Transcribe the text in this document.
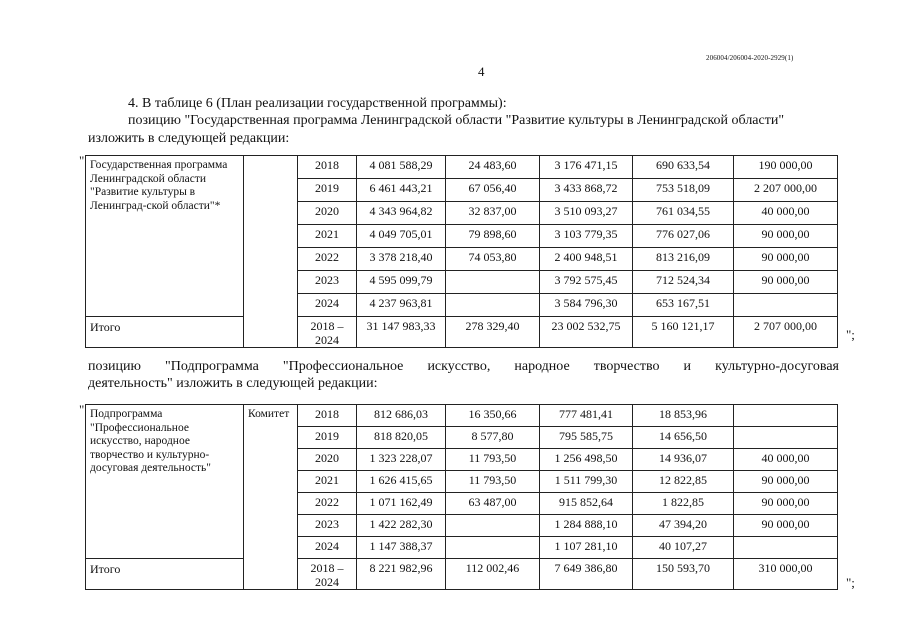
206004/206004-2020-2929(1)
4
4. В таблице 6 (План реализации государственной программы):
позицию "Государственная программа Ленинградской области "Развитие культуры в Ленинградской области"
изложить в следующей редакции:
" Государственная программа Ленинградской области "Развитие культуры в Ленинград-ской области"*		2018	4 081 588,29	24 483,60	3 176 471,15	690 633,54	190 000,00
		2019	6 461 443,21	67 056,40	3 433 868,72	753 518,09	2 207 000,00
		2020	4 343 964,82	32 837,00	3 510 093,27	761 034,55	40 000,00
		2021	4 049 705,01	79 898,60	3 103 779,35	776 027,06	90 000,00
		2022	3 378 218,40	74 053,80	2 400 948,51	813 216,09	90 000,00
		2023	4 595 099,79		3 792 575,45	712 524,34	90 000,00
		2024	4 237 963,81		3 584 796,30	653 167,51	
Итого		2018 – 2024	31 147 983,33	278 329,40	23 002 532,75	5 160 121,17	2 707 000,00
";
позицию "Подпрограмма "Профессиональное искусство, народное творчество и культурно-досуговая
деятельность" изложить в следующей редакции:
" Подпрограмма "Профессиональное искусство, народное творчество и культурно-досуговая деятельность"	Комитет	2018	812 686,03	16 350,66	777 481,41	18 853,96	
		2019	818 820,05	8 577,80	795 585,75	14 656,50	
		2020	1 323 228,07	11 793,50	1 256 498,50	14 936,07	40 000,00
		2021	1 626 415,65	11 793,50	1 511 799,30	12 822,85	90 000,00
		2022	1 071 162,49	63 487,00	915 852,64	1 822,85	90 000,00
		2023	1 422 282,30		1 284 888,10	47 394,20	90 000,00
		2024	1 147 388,37		1 107 281,10	40 107,27	
Итого		2018 – 2024	8 221 982,96	112 002,46	7 649 386,80	150 593,70	310 000,00
";
